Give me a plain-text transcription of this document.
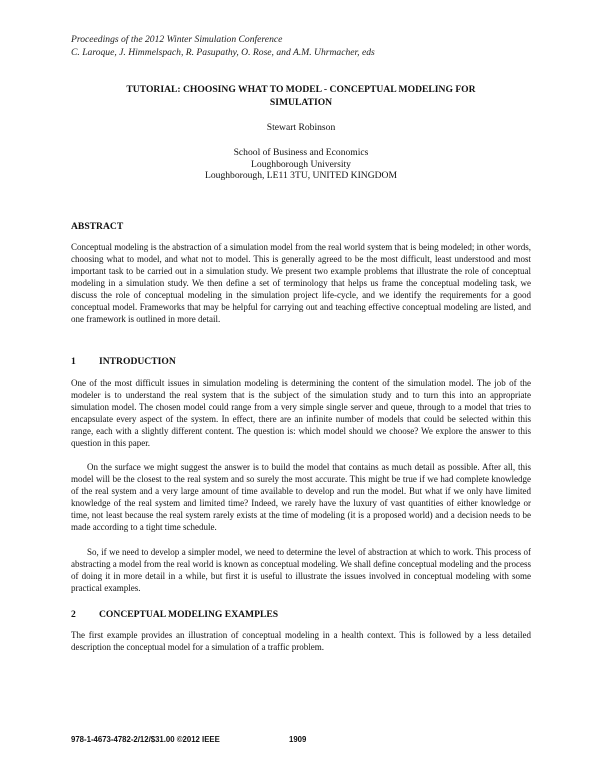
Proceedings of the 2012 Winter Simulation Conference
C. Laroque, J. Himmelspach, R. Pasupathy, O. Rose, and A.M. Uhrmacher, eds
TUTORIAL: CHOOSING WHAT TO MODEL - CONCEPTUAL MODELING FOR
SIMULATION
Stewart Robinson
School of Business and Economics
Loughborough University
Loughborough, LE11 3TU, UNITED KINGDOM
ABSTRACT
Conceptual modeling is the abstraction of a simulation model from the real world system that is being modeled; in other words, choosing what to model, and what not to model. This is generally agreed to be the most difficult, least understood and most important task to be carried out in a simulation study. We present two example problems that illustrate the role of conceptual modeling in a simulation study. We then define a set of terminology that helps us frame the conceptual modeling task, we discuss the role of conceptual modeling in the simulation project life-cycle, and we identify the requirements for a good conceptual model. Frameworks that may be helpful for carrying out and teaching effective conceptual modeling are listed, and one framework is outlined in more detail.
1 INTRODUCTION
One of the most difficult issues in simulation modeling is determining the content of the simulation model. The job of the modeler is to understand the real system that is the subject of the simulation study and to turn this into an appropriate simulation model. The chosen model could range from a very simple single server and queue, through to a model that tries to encapsulate every aspect of the system. In effect, there are an infinite number of models that could be selected within this range, each with a slightly different content. The question is: which model should we choose? We explore the answer to this question in this paper.
On the surface we might suggest the answer is to build the model that contains as much detail as possible. After all, this model will be the closest to the real system and so surely the most accurate. This might be true if we had complete knowledge of the real system and a very large amount of time available to develop and run the model. But what if we only have limited knowledge of the real system and limited time? Indeed, we rarely have the luxury of vast quantities of either knowledge or time, not least because the real system rarely exists at the time of modeling (it is a proposed world) and a decision needs to be made according to a tight time schedule.
So, if we need to develop a simpler model, we need to determine the level of abstraction at which to work. This process of abstracting a model from the real world is known as conceptual modeling. We shall define conceptual modeling and the process of doing it in more detail in a while, but first it is useful to illustrate the issues involved in conceptual modeling with some practical examples.
2 CONCEPTUAL MODELING EXAMPLES
The first example provides an illustration of conceptual modeling in a health context. This is followed by a less detailed description the conceptual model for a simulation of a traffic problem.
978-1-4673-4782-2/12/$31.00 ©2012 IEEE	1909
